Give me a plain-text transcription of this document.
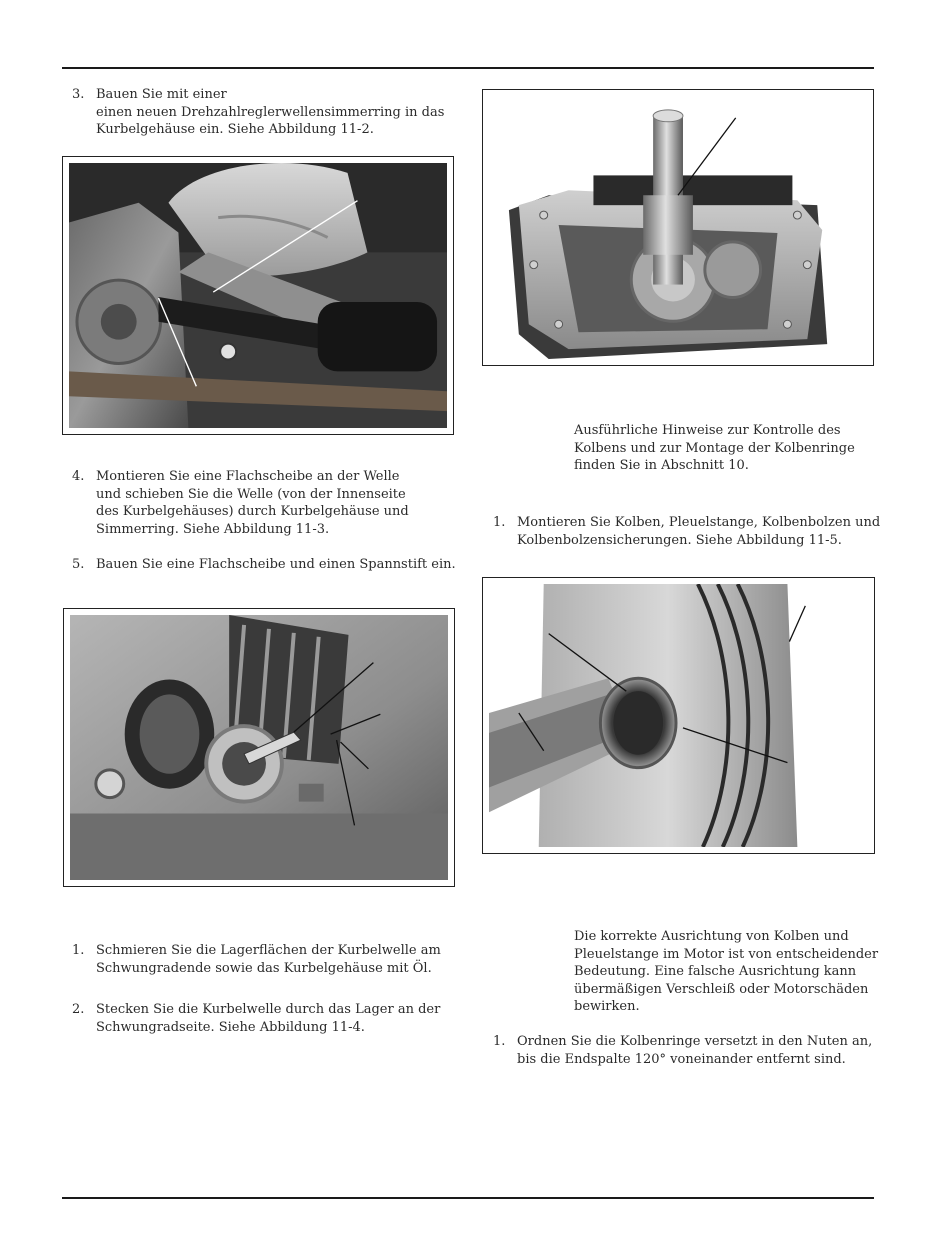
3. Bauen Sie mit einer
einen neuen Drehzahlreglerwellensimmerring in das
Kurbelgehäuse ein. Siehe Abbildung 11-2.
4. Montieren Sie eine Flachscheibe an der Welle
und schieben Sie die Welle (von der Innenseite
des Kurbelgehäuses) durch Kurbelgehäuse und
Simmerring. Siehe Abbildung 11-3.
5. Bauen Sie eine Flachscheibe und einen Spannstift ein.
1. Schmieren Sie die Lagerflächen der Kurbelwelle am
Schwungradende sowie das Kurbelgehäuse mit Öl.
2. Stecken Sie die Kurbelwelle durch das Lager an der
Schwungradseite. Siehe Abbildung 11-4.
Ausführliche Hinweise zur Kontrolle des
Kolbens und zur Montage der Kolbenringe
finden Sie in Abschnitt 10.
1. Montieren Sie Kolben, Pleuelstange, Kolbenbolzen und
Kolbenbolzensicherungen. Siehe Abbildung 11-5.
Die korrekte Ausrichtung von Kolben und
Pleuelstange im Motor ist von entscheidender
Bedeutung. Eine falsche Ausrichtung kann
übermäßigen Verschleiß oder Motorschäden
bewirken.
1. Ordnen Sie die Kolbenringe versetzt in den Nuten an,
bis die Endspalte 120° voneinander entfernt sind.
